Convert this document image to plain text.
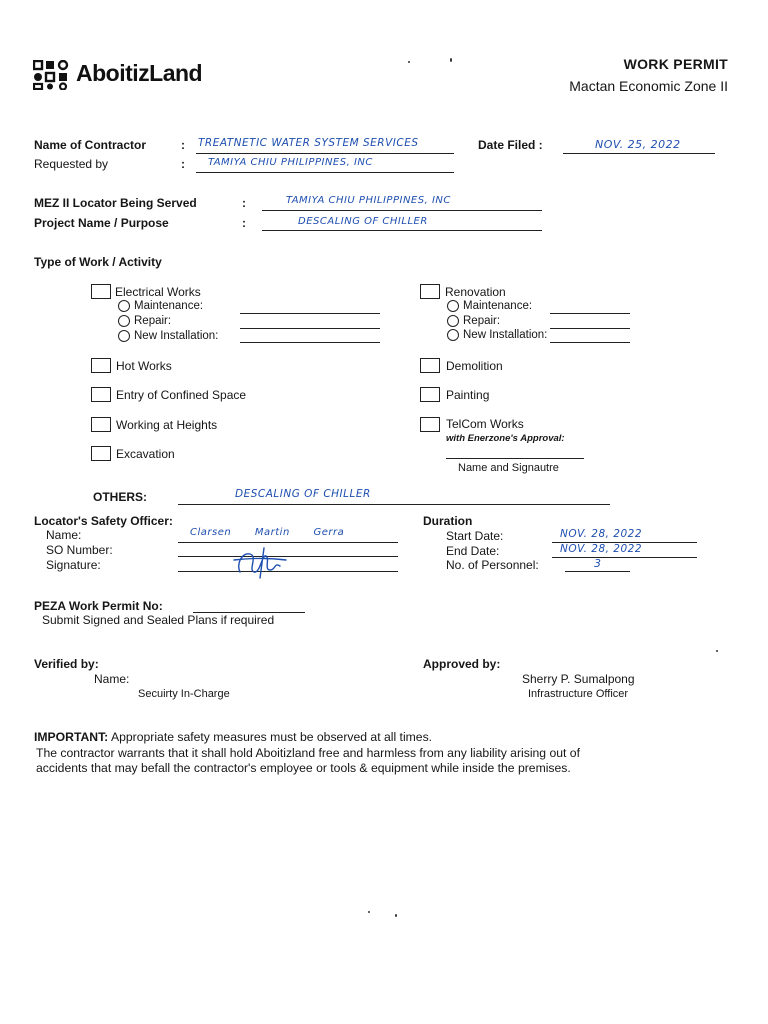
AboitizLand	WORK PERMIT
Mactan Economic Zone II
Name of Contractor	: TREATNETIC WATER SYSTEM SERVICES	Date Filed :	NOV. 25, 2022
Requested by	: TAMIYA CHIU PHILIPPINES, INC
MEZ II Locator Being Served	:	TAMIYA CHIU PHILIPPINES, INC
Project Name / Purpose	:	DESCALING OF CHILLER
Type of Work / Activity
Electrical Works
Maintenance:
Repair:
New Installation:
Hot Works
Entry of Confined Space
Working at Heights
Excavation
Renovation
Maintenance:
Repair:
New Installation:
Demolition
Painting
TelCom Works
with Enerzone's Approval:
Name and Signautre
OTHERS:	DESCALING OF CHILLER
Locator's Safety Officer:
Name:	Clarsen Martin Gerra
SO Number:
Signature:
Duration
Start Date:	NOV. 28, 2022
End Date:	NOV. 28, 2022
No. of Personnel:	3
PEZA Work Permit No:
Submit Signed and Sealed Plans if required
Verified by:
Name:
Secuirty In-Charge
Approved by:
Sherry P. Sumalpong
Infrastructure Officer
IMPORTANT: Appropriate safety measures must be observed at all times.
The contractor warrants that it shall hold Aboitizland free and harmless from any liability arising out of
accidents that may befall the contractor's employee or tools & equipment while inside the premises.
